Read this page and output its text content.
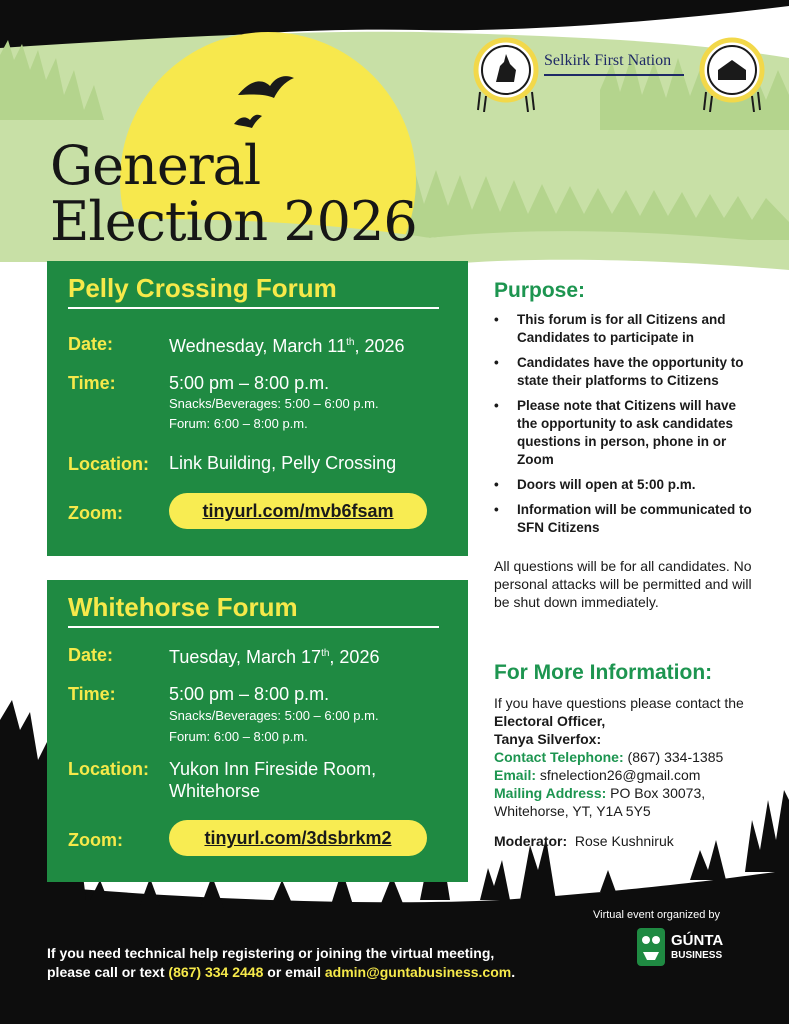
General
Election 2026
Selkirk First Nation
Pelly Crossing Forum
Date:	Wednesday, March 11th, 2026
Time:	5:00 pm – 8:00 p.m.
Snacks/Beverages: 5:00 – 6:00 p.m.
Forum: 6:00 – 8:00 p.m.
Location: Link Building, Pelly Crossing
Zoom:	tinyurl.com/mvb6fsam
Whitehorse Forum
Date:	Tuesday, March 17th, 2026
Time:	5:00 pm – 8:00 p.m.
Snacks/Beverages: 5:00 – 6:00 p.m.
Forum: 6:00 – 8:00 p.m.
Location: Yukon Inn Fireside Room, Whitehorse
Zoom:	tinyurl.com/3dsbrkm2
Purpose:
• This forum is for all Citizens and Candidates to participate in
• Candidates have the opportunity to state their platforms to Citizens
• Please note that Citizens will have the opportunity to ask candidates questions in person, phone in or Zoom
• Doors will open at 5:00 p.m.
• Information will be communicated to SFN Citizens
All questions will be for all candidates. No personal attacks will be permitted and will be shut down immediately.
For More Information:
If you have questions please contact the Electoral Officer,
Tanya Silverfox:
Contact Telephone: (867) 334-1385
Email: sfnelection26@gmail.com
Mailing Address: PO Box 30073,
Whitehorse, YT, Y1A 5Y5
Moderator: Rose Kushniruk
If you need technical help registering or joining the virtual meeting,
please call or text (867) 334 2448 or email admin@guntabusiness.com.
Virtual event organized by
GÚNTA
BUSINESS
